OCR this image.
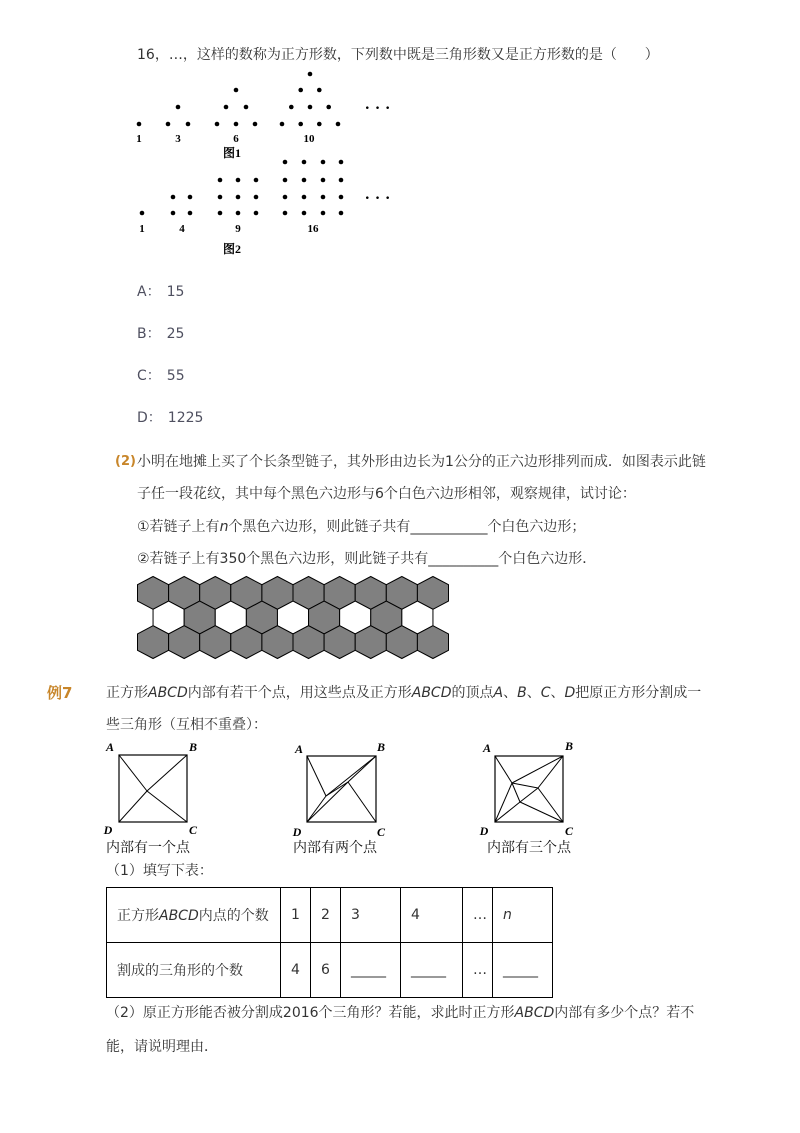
16，…，这样的数称为正方形数，下列数中既是三角形数又是正方形数的是（　　）
1	3	6	10
• • •
图1
1	4	9	16
• • •
图2
A： 15
B： 25
C： 55
D： 1225
(2) 小明在地摊上买了个长条型链子，其外形由边长为1公分的正六边形排列而成．如图表示此链
子任一段花纹，其中每个黑色六边形与6个白色六边形相邻，观察规律，试讨论：
①若链子上有n个黑色六边形，则此链子共有___________个白色六边形；
②若链子上有350个黑色六边形，则此链子共有__________个白色六边形．
例7 正方形ABCD内部有若干个点，用这些点及正方形ABCD的顶点A、B、C、D把原正方形分割成一
些三角形（互相不重叠）：
A	B
C
D
内部有一个点
A	B
C
D
内部有两个点
A	B
C
D
内部有三个点
（1）填写下表：
正方形ABCD内点的个数	1	2	3	4	…	n
割成的三角形的个数	4	6	_____	_____	…	_____
（2）原正方形能否被分割成2016个三角形？若能，求此时正方形ABCD内部有多少个点？若不
能，请说明理由．
